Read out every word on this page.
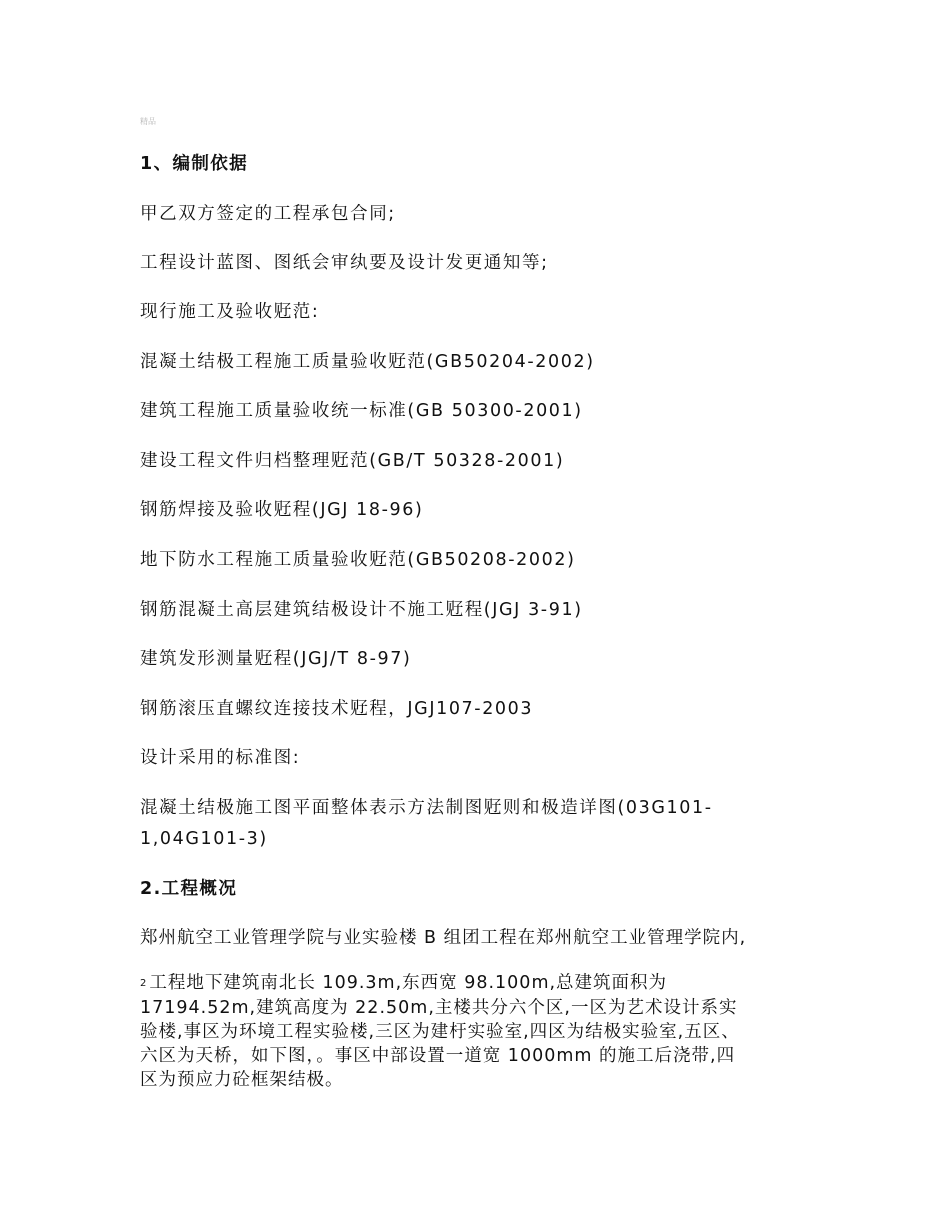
精品
1、编制依据
甲乙双方签定的工程承包合同;
工程设计蓝图、图纸会审纨要及设计发更通知等;
现行施工及验收觃范:
混凝土结极工程施工质量验收觃范(GB50204-2002)
建筑工程施工质量验收统一标准(GB 50300-2001)
建设工程文件归档整理觃范(GB/T 50328-2001)
钢筋焊接及验收觃程(JGJ 18-96)
地下防水工程施工质量验收觃范(GB50208-2002)
钢筋混凝土高层建筑结极设计不施工觃程(JGJ 3-91)
建筑发形测量觃程(JGJ/T 8-97)
钢筋滚压直螺纹连接技术觃程，JGJ107-2003
设计采用的标准图:
混凝土结极施工图平面整体表示方法制图觃则和极造详图(03G101-
1,04G101-3)
2.工程概况
郑州航空工业管理学院与业实验楼 B 组团工程在郑州航空工业管理学院内,
2 工程地下建筑南北长 109.3m,东西宽 98.100m,总建筑面积为
17194.52m,建筑高度为 22.50m,主楼共分六个区,一区为艺术设计系实
验楼,事区为环境工程实验楼,三区为建杅实验室,四区为结极实验室,五区、
六区为天桥，如下图，。事区中部设置一道宽 1000mm 的施工后浇带,四
区为预应力砼框架结极。
